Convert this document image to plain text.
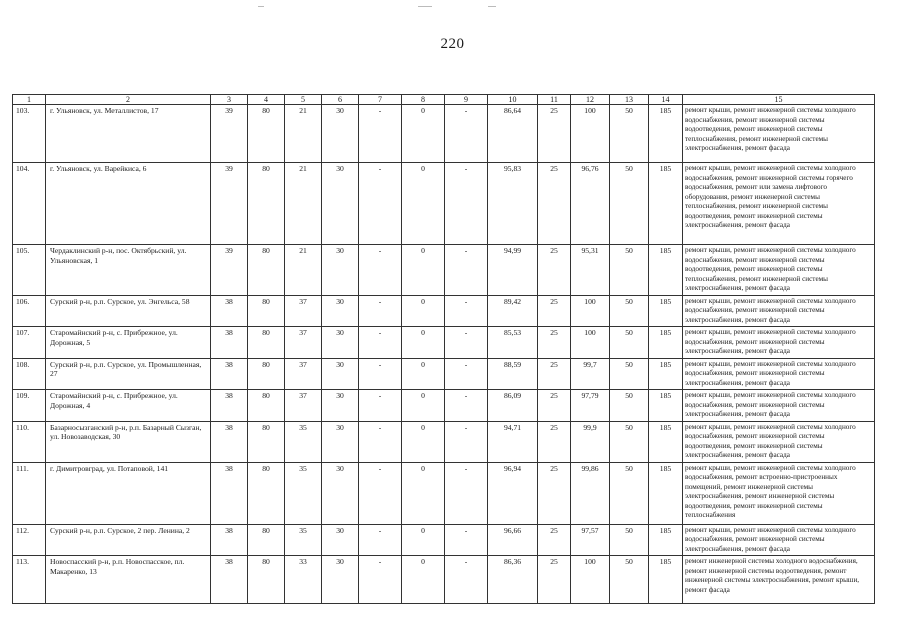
220
1	2	3	4	5	6	7	8	9	10	11	12	13	14	15
103.	г. Ульяновск, ул. Металлистов, 17	39	80	21	30	-	0	-	86,64	25	100	50	185	ремонт крыши, ремонт инженерной системы холодного водоснабжения, ремонт инженерной системы водоотведения, ремонт инженерной системы теплоснабжения, ремонт инженерной системы электроснабжения, ремонт фасада
104.	г. Ульяновск, ул. Варейкиса, 6	39	80	21	30	-	0	-	95,83	25	96,76	50	185	ремонт крыши, ремонт инженерной системы холодного водоснабжения, ремонт инженерной системы горячего водоснабжения, ремонт или замена лифтового оборудования, ремонт инженерной системы теплоснабжения, ремонт инженерной системы водоотведения, ремонт инженерной системы электроснабжения, ремонт фасада
105.	Чердаклинский р-н, пос. Октябрьский, ул. Ульяновская, 1	39	80	21	30	-	0	-	94,99	25	95,31	50	185	ремонт крыши, ремонт инженерной системы холодного водоснабжения, ремонт инженерной системы водоотведения, ремонт инженерной системы теплоснабжения, ремонт инженерной системы электроснабжения, ремонт фасада
106.	Сурский р-н, р.п. Сурское, ул. Энгельса, 58	38	80	37	30	-	0	-	89,42	25	100	50	185	ремонт крыши, ремонт инженерной системы холодного водоснабжения, ремонт инженерной системы электроснабжения, ремонт фасада
107.	Старомайнский р-н, с. Прибрежное, ул. Дорожная, 5	38	80	37	30	-	0	-	85,53	25	100	50	185	ремонт крыши, ремонт инженерной системы холодного водоснабжения, ремонт инженерной системы электроснабжения, ремонт фасада
108.	Сурский р-н, р.п. Сурское, ул. Промышленная, 27	38	80	37	30	-	0	-	88,59	25	99,7	50	185	ремонт крыши, ремонт инженерной системы холодного водоснабжения, ремонт инженерной системы электроснабжения, ремонт фасада
109.	Старомайнский р-н, с. Прибрежное, ул. Дорожная, 4	38	80	37	30	-	0	-	86,09	25	97,79	50	185	ремонт крыши, ремонт инженерной системы холодного водоснабжения, ремонт инженерной системы электроснабжения, ремонт фасада
110.	Базарносызганский р-н, р.п. Базарный Сызган, ул. Новозаводская, 30	38	80	35	30	-	0	-	94,71	25	99,9	50	185	ремонт крыши, ремонт инженерной системы холодного водоснабжения, ремонт инженерной системы водоотведения, ремонт инженерной системы электроснабжения, ремонт фасада
111.	г. Димитровград, ул. Потаповой, 141	38	80	35	30	-	0	-	96,94	25	99,86	50	185	ремонт крыши, ремонт инженерной системы холодного водоснабжения, ремонт встроенно-пристроенных помещений, ремонт инженерной системы электроснабжения, ремонт инженерной системы водоотведения, ремонт инженерной системы теплоснабжения
112.	Сурский р-н, р.п. Сурское, 2 пер. Ленина, 2	38	80	35	30	-	0	-	96,66	25	97,57	50	185	ремонт крыши, ремонт инженерной системы холодного водоснабжения, ремонт инженерной системы электроснабжения, ремонт фасада
113.	Новоспасский р-н, р.п. Новоспасское, пл. Макаренко, 13	38	80	33	30	-	0	-	86,36	25	100	50	185	ремонт инженерной системы холодного водоснабжения, ремонт инженерной системы водоотведения, ремонт инженерной системы электроснабжения, ремонт крыши, ремонт фасада
